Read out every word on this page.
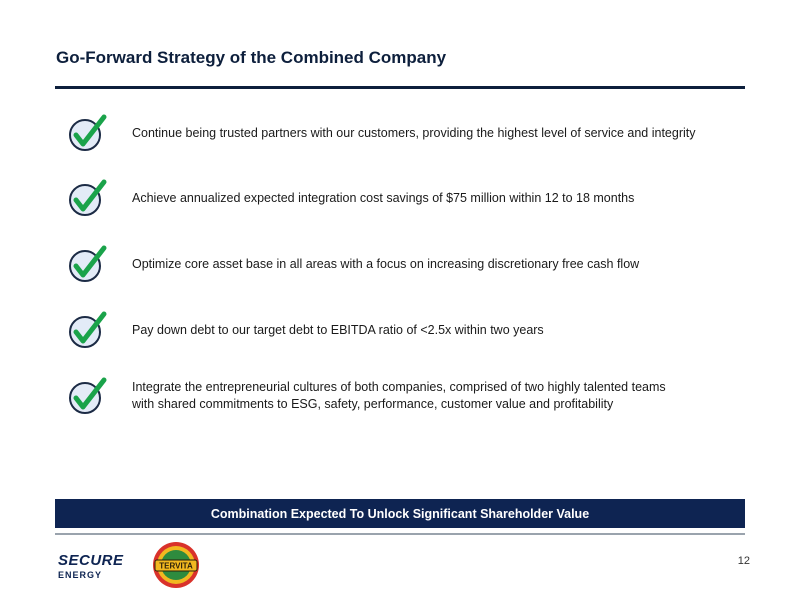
Go-Forward Strategy of the Combined Company
Continue being trusted partners with our customers, providing the highest level of service and integrity
Achieve annualized expected integration cost savings of $75 million within 12 to 18 months
Optimize core asset base in all areas with a focus on increasing discretionary free cash flow
Pay down debt to our target debt to EBITDA ratio of <2.5x within two years
Integrate the entrepreneurial cultures of both companies, comprised of two highly talented teams
with shared commitments to ESG, safety, performance, customer value and profitability
Combination Expected To Unlock Significant Shareholder Value
SECURE
ENERGY
TERVITA	12
